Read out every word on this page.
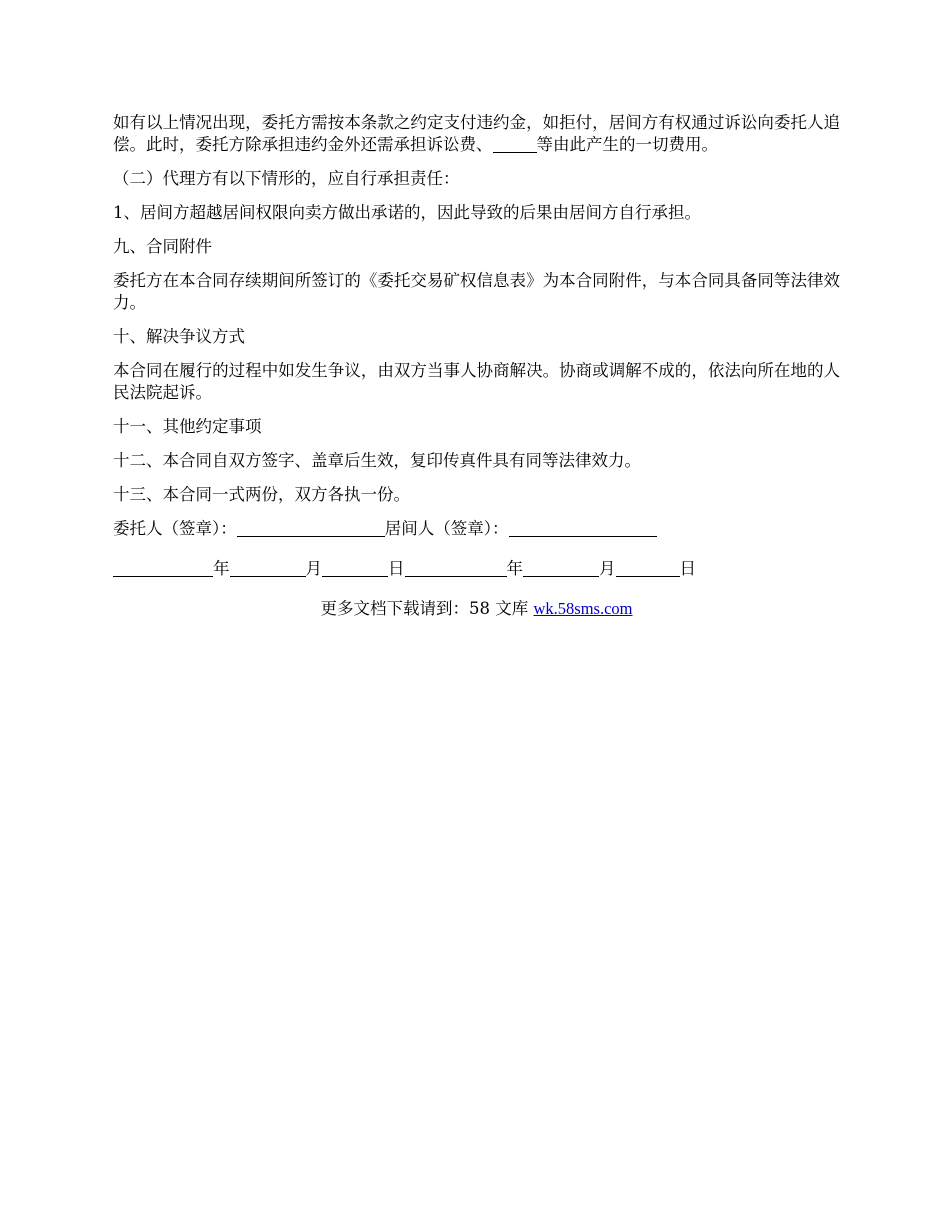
如有以上情况出现，委托方需按本条款之约定支付违约金，如拒付，居间方有权通过诉讼向委托人追偿。此时，委托方除承担违约金外还需承担诉讼费、	等由此产生的一切费用。

（二）代理方有以下情形的，应自行承担责任：

1、居间方超越居间权限向卖方做出承诺的，因此导致的后果由居间方自行承担。

九、合同附件

委托方在本合同存续期间所签订的《委托交易矿权信息表》为本合同附件，与本合同具备同等法律效力。

十、解决争议方式

本合同在履行的过程中如发生争议，由双方当事人协商解决。协商或调解不成的，依法向所在地的人民法院起诉。

十一、其他约定事项

十二、本合同自双方签字、盖章后生效，复印传真件具有同等法律效力。

十三、本合同一式两份，双方各执一份。

委托人（签章）：	居间人（签章）：
年	月	日	年	月	日
更多文档下载请到：58 文库 wk.58sms.com
